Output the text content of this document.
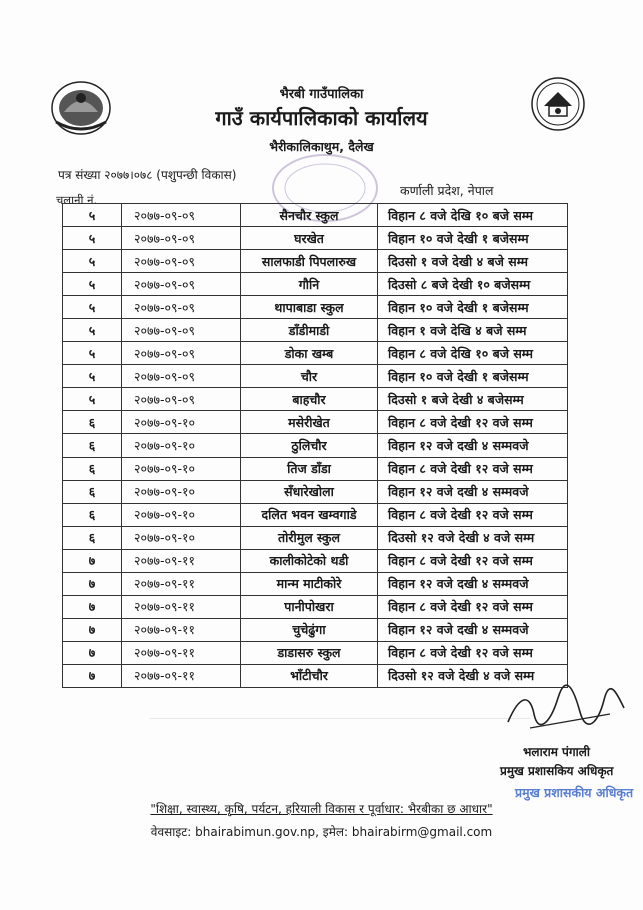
भैरबी गाउँपालिका
गाउँ कार्यपालिकाको कार्यालय
भैरीकालिकाथुम, दैलेख
पत्र संख्या २०७७।०७८ (पशुपन्छी विकास)
कर्णाली प्रदेश, नेपाल
चलानी नं.
५	२०७७-०९-०९	सैनचौर स्कुल	विहान ८ वजे देखि १० बजे सम्म
५	२०७७-०९-०९	घरखेत	विहान १० वजे देखी १ बजेसम्म
५	२०७७-०९-०९	सालफाडी पिपलारुख	दिउसो १ वजे देखी ४ बजे सम्म
५	२०७७-०९-०९	गौनि	दिउसो ८ बजे देखी १० बजेसम्म
५	२०७७-०९-०९	थापाबाडा स्कुल	विहान १० वजे देखी १ बजेसम्म
५	२०७७-०९-०९	डाँडीमाडी	विहान १ वजे देखि ४ बजे सम्म
५	२०७७-०९-०९	डोका खम्ब	विहान ८ वजे देखि १० बजे सम्म
५	२०७७-०९-०९	चौर	विहान १० वजे देखी १ बजेसम्म
५	२०७७-०९-०९	बाहचौर	दिउसो १ बजे देखी ४ बजेसम्म
६	२०७७-०९-१०	मसेरीखेत	विहान ८ वजे देखी १२ वजे सम्म
६	२०७७-०९-१०	ठुलिचौर	विहान १२ वजे दखी ४ सम्मवजे
६	२०७७-०९-१०	तिज डाँडा	विहान ८ वजे देखी १२ वजे सम्म
६	२०७७-०९-१०	सँधारेखोला	विहान १२ वजे दखी ४ सम्मवजे
६	२०७७-०९-१०	दलित भवन खम्वगाडे	विहान ८ वजे देखी १२ वजे सम्म
६	२०७७-०९-१०	तोरीमुल स्कुल	दिउसो १२ वजे देखी ४ वजे सम्म
७	२०७७-०९-११	कालीकोटेको थडी	विहान ८ वजे देखी १२ वजे सम्म
७	२०७७-०९-११	मान्म माटीकोरे	विहान १२ वजे दखी ४ सम्मवजे
७	२०७७-०९-११	पानीपोखरा	विहान ८ वजे देखी १२ वजे सम्म
७	२०७७-०९-११	चुचेढुंगा	विहान १२ वजे दखी ४ सम्मवजे
७	२०७७-०९-११	डाडासरु स्कुल	विहान ८ वजे देखी १२ वजे सम्म
७	२०७७-०९-११	भाँटीचौर	दिउसो १२ वजे देखी ४ वजे सम्म
भलाराम पंगाली
प्रमुख प्रशासकिय अधिकृत
प्रमुख प्रशासकीय अधिकृत
"शिक्षा, स्वास्थ्य, कृषि, पर्यटन, हरियाली विकास र पूर्वाधार: भैरबीका छ आधार"
वेवसाइट: bhairabimun.gov.np, इमेल: bhairabirm@gmail.com
